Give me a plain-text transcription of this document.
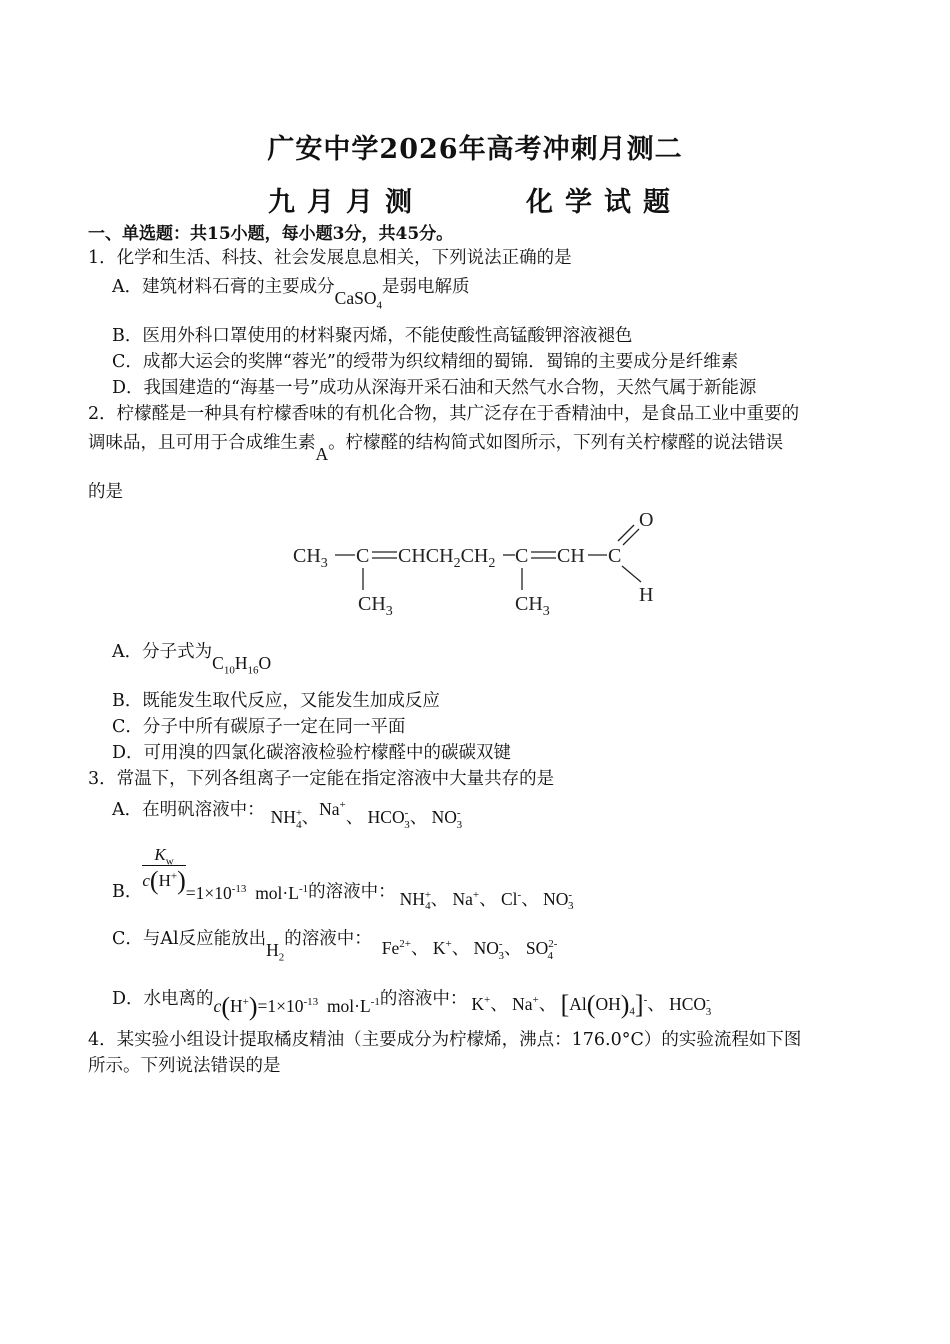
广安中学2026年高考冲刺月测二
九月月测	化学试题
一、单选题：共15小题，每小题3分，共45分。
1．化学和生活、科技、社会发展息息相关，下列说法正确的是
A．建筑材料石膏的主要成分CaSO$_4$是弱电解质
B．医用外科口罩使用的材料聚丙烯，不能使酸性高锰酸钾溶液褪色
C．成都大运会的奖牌“蓉光”的绶带为织纹精细的蜀锦．蜀锦的主要成分是纤维素
D．我国建造的“海基一号”成功从深海开采石油和天然气水合物，天然气属于新能源
2．柠檬醛是一种具有柠檬香味的有机化合物，其广泛存在于香精油中，是食品工业中重要的
调味品，且可用于合成维生素A。柠檬醛的结构简式如图所示，下列有关柠檬醛的说法错误
的是
$CH_3$ C $CHCH_2CH_2$ C CH C
O
H
$CH_3$	$CH_3$
A．分子式为$C_{10}H_{16}O$
B．既能发生取代反应，又能发生加成反应
C．分子中所有碳原子一定在同一平面
D．可用溴的四氯化碳溶液检验柠檬醛中的碳碳双键
3．常温下，下列各组离子一定能在指定溶液中大量共存的是
A．在明矾溶液中： $NH^+_4$、Na+、 $HCO^-_3$、 $NO^-_3$
B． $\frac{K_w}{c(H^+)} =1\times 10^{-13}$ $mol\cdot L^{-1}$的溶液中： $NH^+_4$、 Na+、 Cl-、 $NO^-_3$
C．与Al反应能放出$H_2$的溶液中： $Fe^{2+}$、 K+、 $NO^-_3$、 $SO^{2-}_4$
D．水电离的$c(H^+)=1\times 10^{-13}$ $mol\cdot L^{-1}$的溶液中： K+、 Na+、 $[Al(OH)_4]^-$、 $HCO^-_3$
4．某实验小组设计提取橘皮精油（主要成分为柠檬烯，沸点：176.0°C）的实验流程如下图
所示。下列说法错误的是
